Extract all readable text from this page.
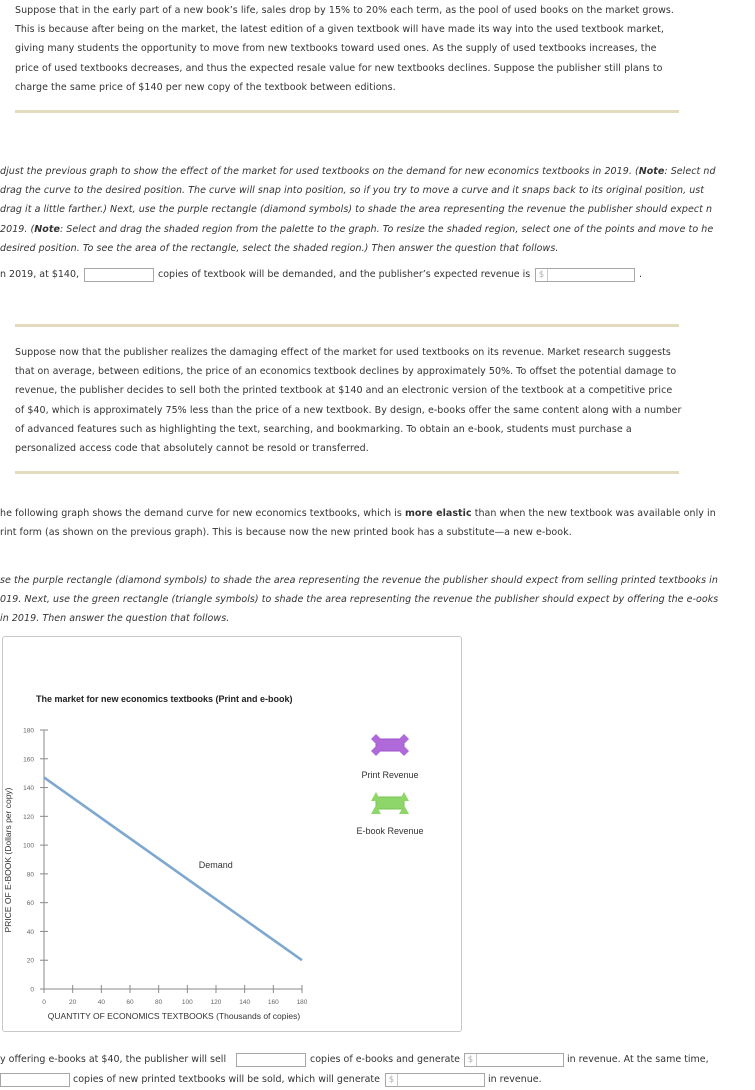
Suppose that in the early part of a new book’s life, sales drop by 15% to 20% each term, as the pool of used books on the market grows. This is because after being on the market, the latest edition of a given textbook will have made its way into the used textbook market, giving many students the opportunity to move from new textbooks toward used ones. As the supply of used textbooks increases, the price of used textbooks decreases, and thus the expected resale value for new textbooks declines. Suppose the publisher still plans to charge the same price of $140 per new copy of the textbook between editions.
djust the previous graph to show the effect of the market for used textbooks on the demand for new economics textbooks in 2019. (Note: Select nd drag the curve to the desired position. The curve will snap into position, so if you try to move a curve and it snaps back to its original position, ust drag it a little farther.) Next, use the purple rectangle (diamond symbols) to shade the area representing the revenue the publisher should expect n 2019. (Note: Select and drag the shaded region from the palette to the graph. To resize the shaded region, select one of the points and move to he desired position. To see the area of the rectangle, select the shaded region.) Then answer the question that follows.
n 2019, at $140,	copies of textbook will be demanded, and the publisher’s expected revenue is	$	.
Suppose now that the publisher realizes the damaging effect of the market for used textbooks on its revenue. Market research suggests that on average, between editions, the price of an economics textbook declines by approximately 50%. To offset the potential damage to revenue, the publisher decides to sell both the printed textbook at $140 and an electronic version of the textbook at a competitive price of $40, which is approximately 75% less than the price of a new textbook. By design, e-books offer the same content along with a number of advanced features such as highlighting the text, searching, and bookmarking. To obtain an e-book, students must purchase a personalized access code that absolutely cannot be resold or transferred.
he following graph shows the demand curve for new economics textbooks, which is more elastic than when the new textbook was available only in rint form (as shown on the previous graph). This is because now the new printed book has a substitute—a new e-book.
se the purple rectangle (diamond symbols) to shade the area representing the revenue the publisher should expect from selling printed textbooks in 019. Next, use the green rectangle (triangle symbols) to shade the area representing the revenue the publisher should expect by offering the e-ooks in 2019. Then answer the question that follows.
The market for new economics textbooks (Print and e-book)
0
20
40
60
80
100
120
140
160
180
0	20	40	60	80	100	120	140	160	180
Demand
QUANTITY OF ECONOMICS TEXTBOOKS (Thousands of copies)
PRICE OF E-BOOK (Dollars per copy)
Print Revenue
E-book Revenue
y offering e-books at $40, the publisher will sell	copies of e-books and generate $	in revenue. At the same time,
copies of new printed textbooks will be sold, which will generate	$	in revenue.
